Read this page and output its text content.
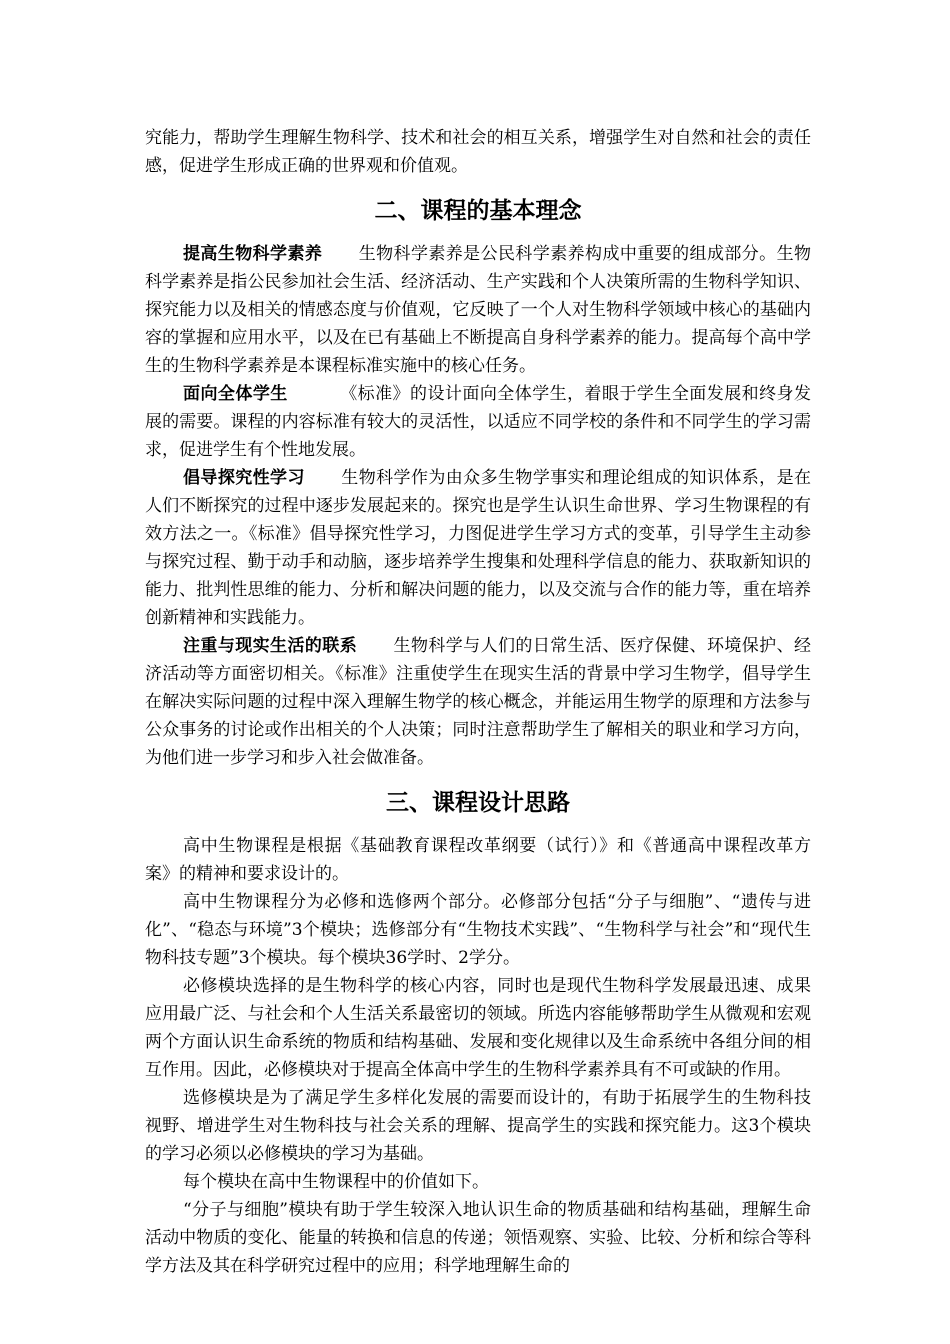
究能力，帮助学生理解生物科学、技术和社会的相互关系，增强学生对自然和社会的责任感，促进学生形成正确的世界观和价值观。

二、课程的基本理念

提高生物科学素养 生物科学素养是公民科学素养构成中重要的组成部分。生物科学素养是指公民参加社会生活、经济活动、生产实践和个人决策所需的生物科学知识、探究能力以及相关的情感态度与价值观，它反映了一个人对生物科学领域中核心的基础内容的掌握和应用水平，以及在已有基础上不断提高自身科学素养的能力。提高每个高中学生的生物科学素养是本课程标准实施中的核心任务。

面向全体学生	《标准》的设计面向全体学生，着眼于学生全面发展和终身发展的需要。课程的内容标准有较大的灵活性，以适应不同学校的条件和不同学生的学习需求，促进学生有个性地发展。

倡导探究性学习 生物科学作为由众多生物学事实和理论组成的知识体系，是在人们不断探究的过程中逐步发展起来的。探究也是学生认识生命世界、学习生物课程的有效方法之一。《标准》倡导探究性学习，力图促进学生学习方式的变革，引导学生主动参与探究过程、勤于动手和动脑，逐步培养学生搜集和处理科学信息的能力、获取新知识的能力、批判性思维的能力、分析和解决问题的能力，以及交流与合作的能力等，重在培养创新精神和实践能力。

注重与现实生活的联系 生物科学与人们的日常生活、医疗保健、环境保护、经济活动等方面密切相关。《标准》注重使学生在现实生活的背景中学习生物学，倡导学生在解决实际问题的过程中深入理解生物学的核心概念，并能运用生物学的原理和方法参与公众事务的讨论或作出相关的个人决策；同时注意帮助学生了解相关的职业和学习方向，为他们进一步学习和步入社会做准备。

三、课程设计思路

高中生物课程是根据《基础教育课程改革纲要（试行）》和《普通高中课程改革方案》的精神和要求设计的。

高中生物课程分为必修和选修两个部分。必修部分包括“分子与细胞”、“遗传与进化”、“稳态与环境”3个模块；选修部分有“生物技术实践”、“生物科学与社会”和“现代生物科技专题”3个模块。每个模块36学时、2学分。

必修模块选择的是生物科学的核心内容，同时也是现代生物科学发展最迅速、成果应用最广泛、与社会和个人生活关系最密切的领域。所选内容能够帮助学生从微观和宏观两个方面认识生命系统的物质和结构基础、发展和变化规律以及生命系统中各组分间的相互作用。因此，必修模块对于提高全体高中学生的生物科学素养具有不可或缺的作用。

选修模块是为了满足学生多样化发展的需要而设计的，有助于拓展学生的生物科技视野、增进学生对生物科技与社会关系的理解、提高学生的实践和探究能力。这3个模块的学习必须以必修模块的学习为基础。

每个模块在高中生物课程中的价值如下。

“分子与细胞”模块有助于学生较深入地认识生命的物质基础和结构基础，理解生命活动中物质的变化、能量的转换和信息的传递；领悟观察、实验、比较、分析和综合等科学方法及其在科学研究过程中的应用；科学地理解生命的
